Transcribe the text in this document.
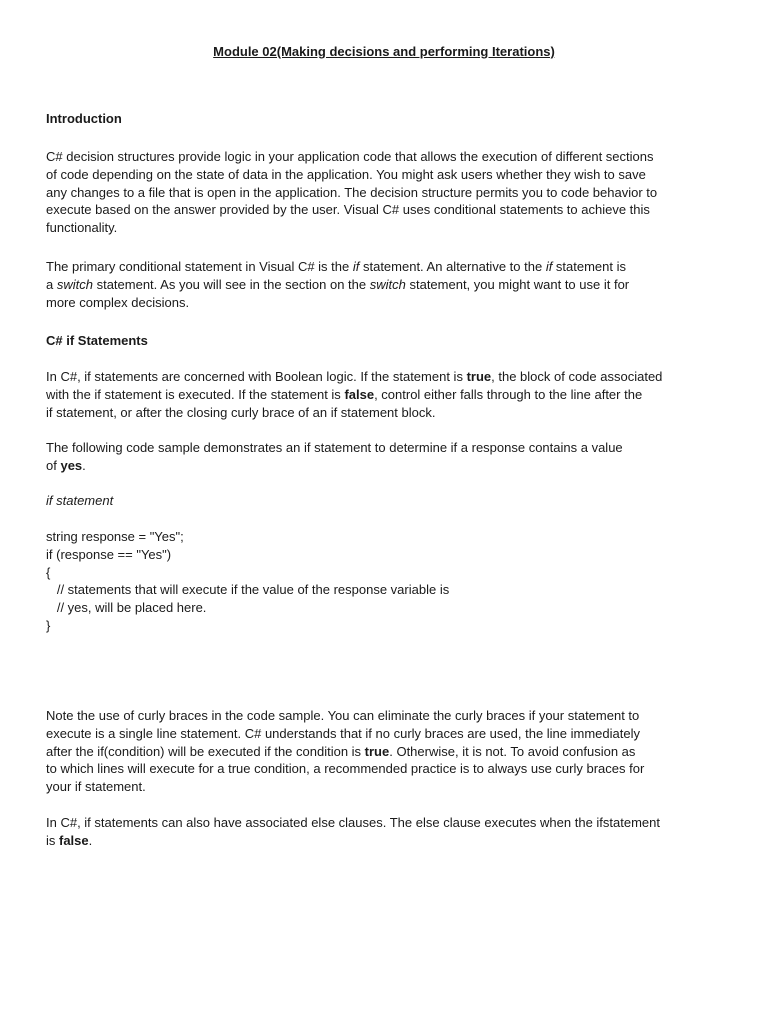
Module 02(Making decisions and performing Iterations)
Introduction
C# decision structures provide logic in your application code that allows the execution of different sections
of code depending on the state of data in the application. You might ask users whether they wish to save
any changes to a file that is open in the application. The decision structure permits you to code behavior to
execute based on the answer provided by the user. Visual C# uses conditional statements to achieve this
functionality.
The primary conditional statement in Visual C# is the if statement. An alternative to the if statement is
a switch statement. As you will see in the section on the switch statement, you might want to use it for
more complex decisions.
C# if Statements
In C#, if statements are concerned with Boolean logic. If the statement is true, the block of code associated
with the if statement is executed. If the statement is false, control either falls through to the line after the
if statement, or after the closing curly brace of an if statement block.
The following code sample demonstrates an if statement to determine if a response contains a value
of yes.
if statement
string response = "Yes";
if (response == "Yes")
{
// statements that will execute if the value of the response variable is
// yes, will be placed here.
}
Note the use of curly braces in the code sample. You can eliminate the curly braces if your statement to
execute is a single line statement. C# understands that if no curly braces are used, the line immediately
after the if(condition) will be executed if the condition is true. Otherwise, it is not. To avoid confusion as
to which lines will execute for a true condition, a recommended practice is to always use curly braces for
your if statement.
In C#, if statements can also have associated else clauses. The else clause executes when the ifstatement
is false.
